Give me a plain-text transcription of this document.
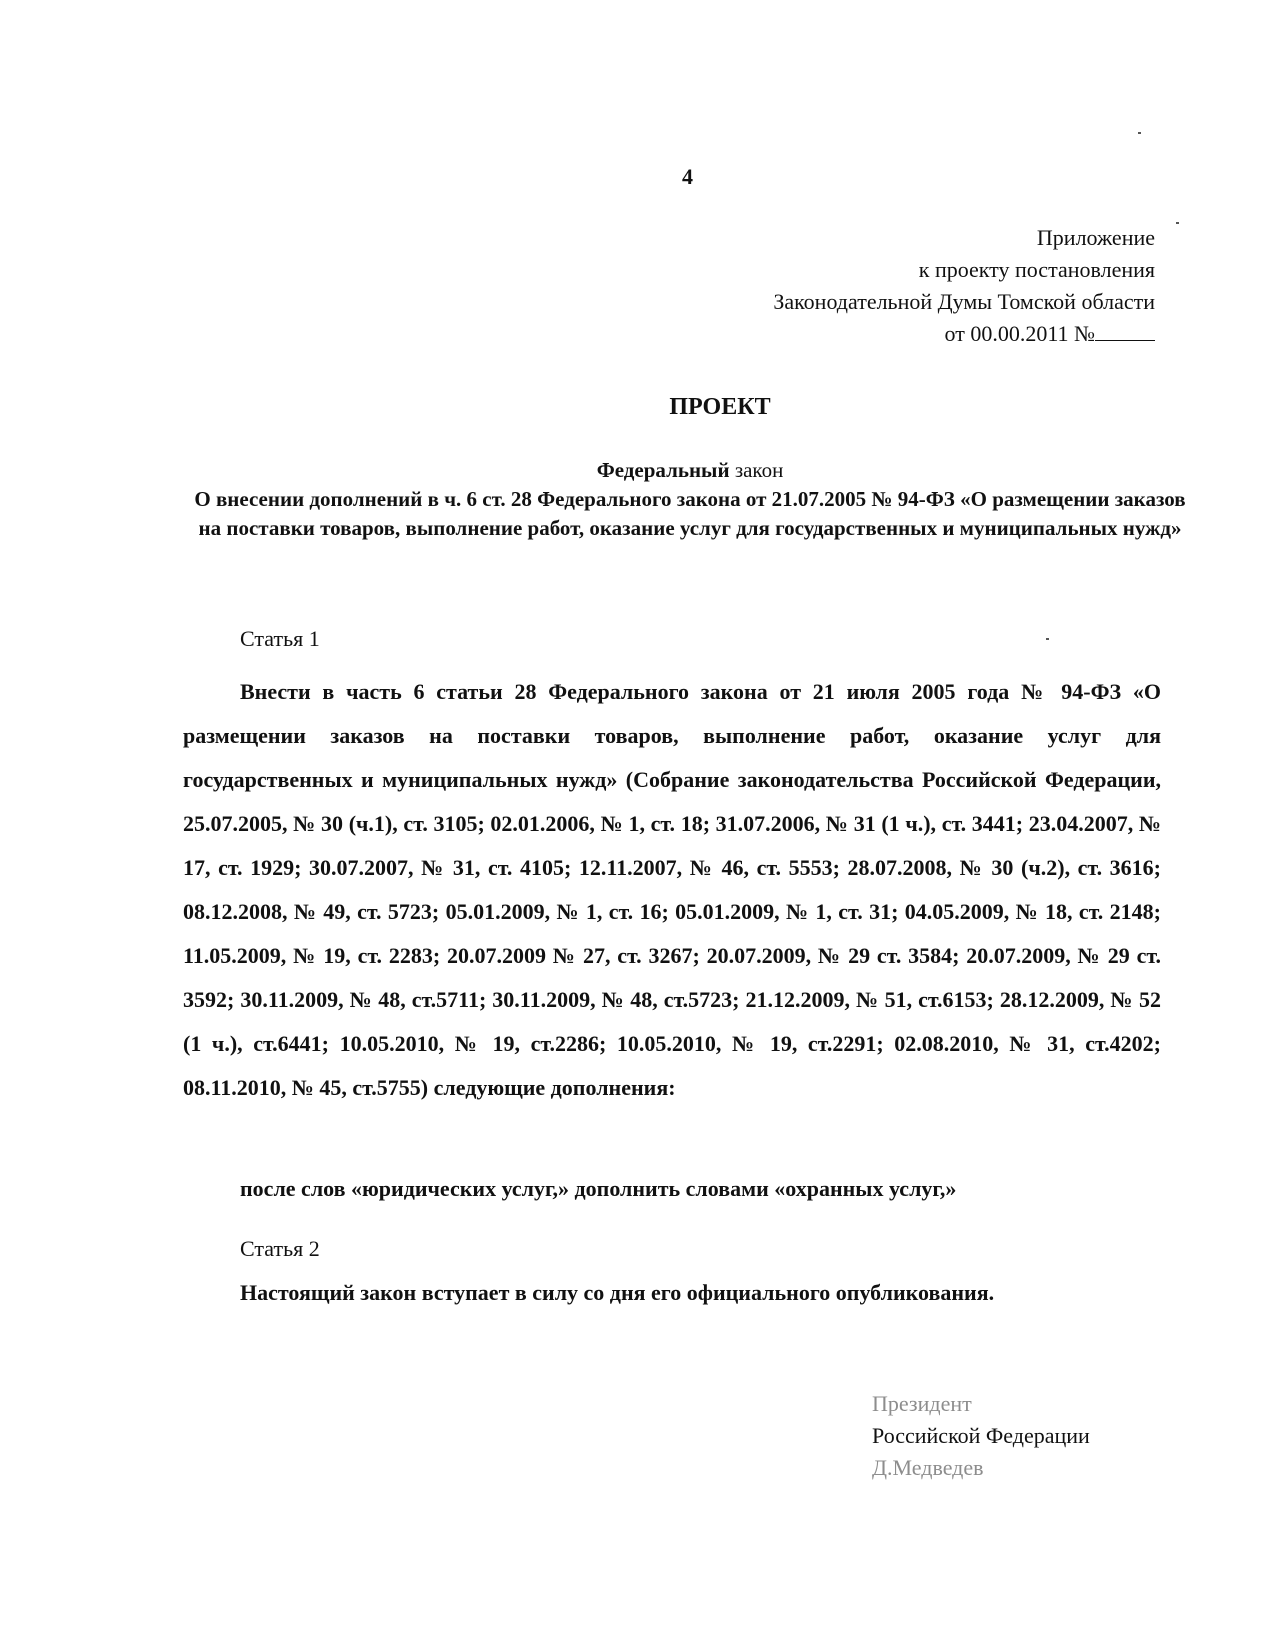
4
Приложение
к проекту постановления
Законодательной Думы Томской области
от 00.00.2011 №
ПРОЕКТ
Федеральный закон
О внесении дополнений в ч. 6 ст. 28 Федерального закона от 21.07.2005 № 94-ФЗ «О размещении заказов на поставки товаров, выполнение работ, оказание услуг для государственных и муниципальных нужд»
Статья 1
Внести в часть 6 статьи 28 Федерального закона от 21 июля 2005 года № 94-ФЗ «О размещении заказов на поставки товаров, выполнение работ, оказание услуг для государственных и муниципальных нужд» (Собрание законодательства Российской Федерации, 25.07.2005, № 30 (ч.1), ст. 3105; 02.01.2006, № 1, ст. 18; 31.07.2006, № 31 (1 ч.), ст. 3441; 23.04.2007, № 17, ст. 1929; 30.07.2007, № 31, ст. 4105; 12.11.2007, № 46, ст. 5553; 28.07.2008, № 30 (ч.2), ст. 3616; 08.12.2008, № 49, ст. 5723; 05.01.2009, № 1, ст. 16; 05.01.2009, № 1, ст. 31; 04.05.2009, № 18, ст. 2148; 11.05.2009, № 19, ст. 2283; 20.07.2009 № 27, ст. 3267; 20.07.2009, № 29 ст. 3584; 20.07.2009, № 29 ст. 3592; 30.11.2009, № 48, ст.5711; 30.11.2009, № 48, ст.5723; 21.12.2009, № 51, ст.6153; 28.12.2009, № 52 (1 ч.), ст.6441; 10.05.2010, № 19, ст.2286; 10.05.2010, № 19, ст.2291; 02.08.2010, № 31, ст.4202; 08.11.2010, № 45, ст.5755) следующие дополнения:
после слов «юридических услуг,» дополнить словами «охранных услуг,»
Статья 2
Настоящий закон вступает в силу со дня его официального опубликования.
Президент
Российской Федерации
Д.Медведев
